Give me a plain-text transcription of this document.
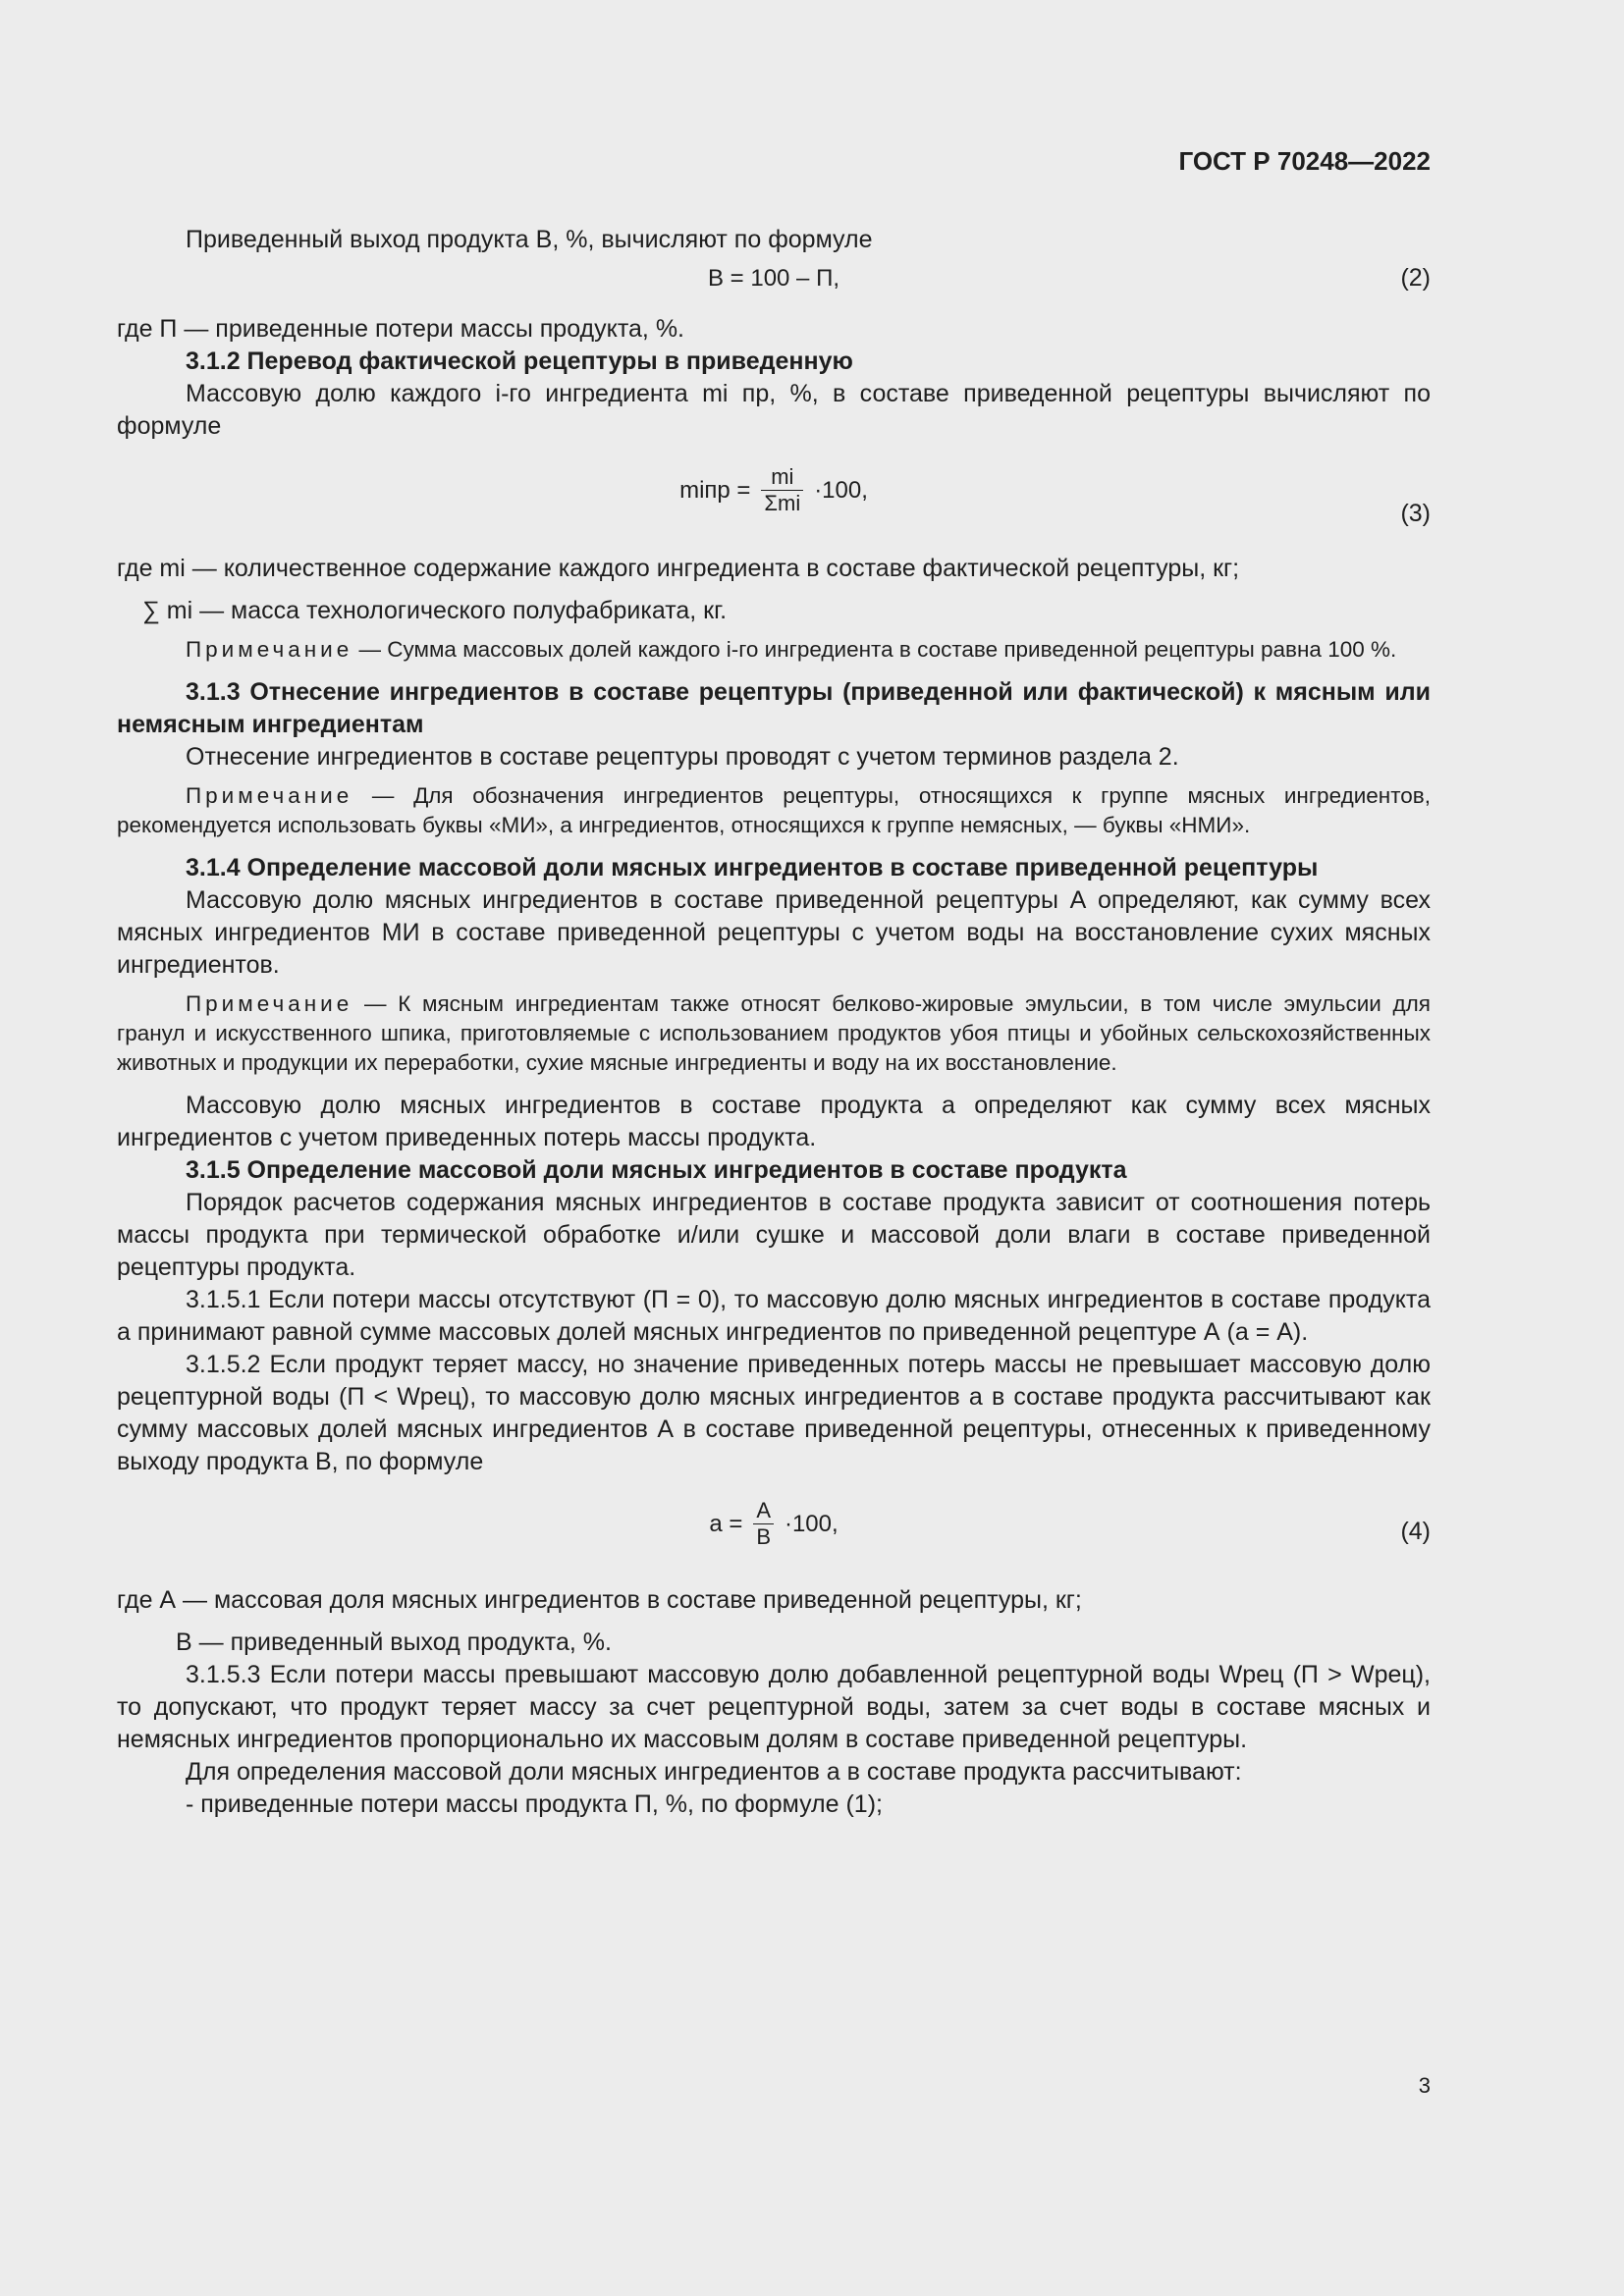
ГОСТ Р 70248—2022

Приведенный выход продукта В, %, вычисляют по формуле

В = 100 – П,	(2)

где П — приведенные потери массы продукта, %.

3.1.2 Перевод фактической рецептуры в приведенную

Массовую долю каждого i-го ингредиента mi пр, %, в составе приведенной рецептуры вычисляют по формуле

miпр = $\frac{mi}{\text{Σmi}} \cdot 100$,
(3)

где mi — количественное содержание каждого ингредиента в составе фактической рецептуры, кг;

∑ mi — масса технологического полуфабриката, кг.

Примечание — Сумма массовых долей каждого i-го ингредиента в составе приведенной рецептуры равна 100 %.

3.1.3 Отнесение ингредиентов в составе рецептуры (приведенной или фактической) к мясным или немясным ингредиентам

Отнесение ингредиентов в составе рецептуры проводят с учетом терминов раздела 2.

Примечание — Для обозначения ингредиентов рецептуры, относящихся к группе мясных ингредиентов, рекомендуется использовать буквы «МИ», а ингредиентов, относящихся к группе немясных, — буквы «НМИ».

3.1.4 Определение массовой доли мясных ингредиентов в составе приведенной рецептуры

Массовую долю мясных ингредиентов в составе приведенной рецептуры А определяют, как сумму всех мясных ингредиентов МИ в составе приведенной рецептуры с учетом воды на восстановление сухих мясных ингредиентов.

Примечание — К мясным ингредиентам также относят белково-жировые эмульсии, в том числе эмульсии для гранул и искусственного шпика, приготовляемые с использованием продуктов убоя птицы и убойных сельскохозяйственных животных и продукции их переработки, сухие мясные ингредиенты и воду на их восстановление.

Массовую долю мясных ингредиентов в составе продукта а определяют как сумму всех мясных ингредиентов с учетом приведенных потерь массы продукта.

3.1.5 Определение массовой доли мясных ингредиентов в составе продукта

Порядок расчетов содержания мясных ингредиентов в составе продукта зависит от соотношения потерь массы продукта при термической обработке и/или сушке и массовой доли влаги в составе приведенной рецептуры продукта.

3.1.5.1 Если потери массы отсутствуют (П = 0), то массовую долю мясных ингредиентов в составе продукта а принимают равной сумме массовых долей мясных ингредиентов по приведенной рецептуре А (а = А).

3.1.5.2 Если продукт теряет массу, но значение приведенных потерь массы не превышает массовую долю рецептурной воды (П < Wрец), то массовую долю мясных ингредиентов а в составе продукта рассчитывают как сумму массовых долей мясных ингредиентов А в составе приведенной рецептуры, отнесенных к приведенному выходу продукта В, по формуле

$а = \frac{А}{В} \cdot 100$,	(4)

где А — массовая доля мясных ингредиентов в составе приведенной рецептуры, кг;

В — приведенный выход продукта, %.

3.1.5.3 Если потери массы превышают массовую долю добавленной рецептурной воды Wрец (П > Wрец), то допускают, что продукт теряет массу за счет рецептурной воды, затем за счет воды в составе мясных и немясных ингредиентов пропорционально их массовым долям в составе приведенной рецептуры.

Для определения массовой доли мясных ингредиентов а в составе продукта рассчитывают:

- приведенные потери массы продукта П, %, по формуле (1);

3
